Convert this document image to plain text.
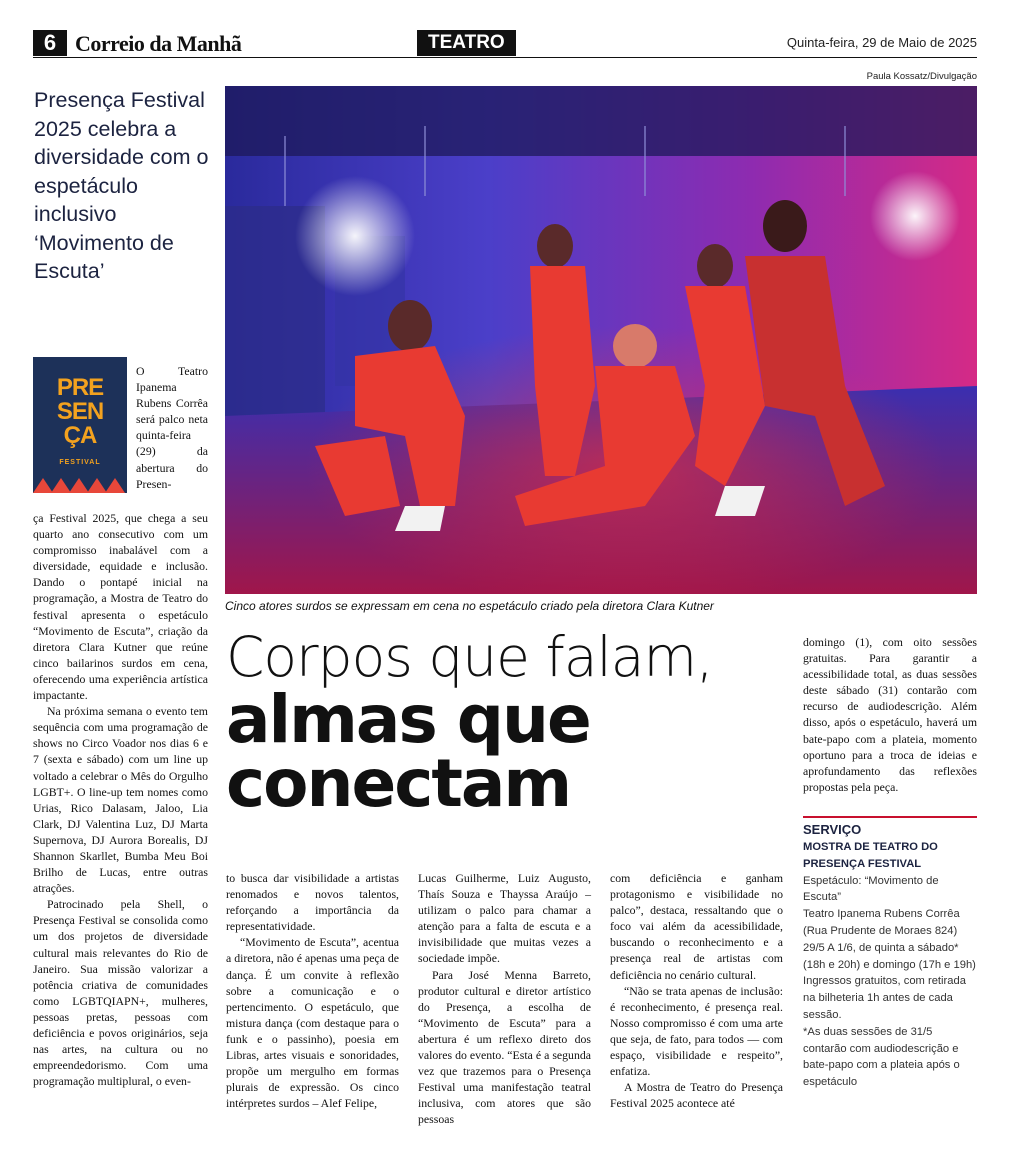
6 Correio da Manhã	TEATRO	Quinta-feira, 29 de Maio de 2025
Presença Festival 2025 celebra a diversidade com o espetáculo inclusivo ‘Movimento de Escuta’
Paula Kossatz/Divulgação
Cinco atores surdos se expressam em cena no espetáculo criado pela diretora Clara Kutner
PRE
SEN
ÇA
FESTIVAL
O Teatro Ipanema Rubens Corrêa será palco neta quinta-feira (29) da abertura do Presen-

ça Festival 2025, que chega a seu quarto ano consecutivo com um compromisso inabalável com a diversidade, equidade e inclusão. Dando o pontapé inicial na programação, a Mostra de Teatro do festival apresenta o espetáculo “Movimento de Escuta”, criação da diretora Clara Kutner que reúne cinco bailarinos surdos em cena, oferecendo uma experiência artística impactante.

Na próxima semana o evento tem sequência com uma programação de shows no Circo Voador nos dias 6 e 7 (sexta e sábado) com um line up voltado a celebrar o Mês do Orgulho LGBT+. O line-up tem nomes como Urias, Rico Dalasam, Jaloo, Lia Clark, DJ Valentina Luz, DJ Marta Supernova, DJ Aurora Borealis, DJ Shannon Skarllet, Bumba Meu Boi Brilho de Lucas, entre outras atrações.

Patrocinado pela Shell, o Presença Festival se consolida como um dos projetos de diversidade cultural mais relevantes do Rio de Janeiro. Sua missão valorizar a potência criativa de comunidades como LGBTQIAPN+, mulheres, pessoas pretas, pessoas com deficiência e povos originários, seja nas artes, na cultura ou no empreendedorismo. Com uma programação multiplural, o even-

Corpos que falam,
almas que conectam

to busca dar visibilidade a artistas renomados e novos talentos, reforçando a importância da representatividade.

“Movimento de Escuta”, acentua a diretora, não é apenas uma peça de dança. É um convite à reflexão sobre a comunicação e o pertencimento. O espetáculo, que mistura dança (com destaque para o funk e o passinho), poesia em Libras, artes visuais e sonoridades, propõe um mergulho em formas plurais de expressão. Os cinco intérpretes surdos – Alef Felipe,

Lucas Guilherme, Luiz Augusto, Thaís Souza e Thayssa Araújo – utilizam o palco para chamar a atenção para a falta de escuta e a invisibilidade que muitas vezes a sociedade impõe.

Para José Menna Barreto, produtor cultural e diretor artístico do Presença, a escolha de “Movimento de Escuta” para a abertura é um reflexo direto dos valores do evento. “Esta é a segunda vez que trazemos para o Presença Festival uma manifestação teatral inclusiva, com atores que são pessoas

com deficiência e ganham protagonismo e visibilidade no palco”, destaca, ressaltando que o foco vai além da acessibilidade, buscando o reconhecimento e a presença real de artistas com deficiência no cenário cultural.

“Não se trata apenas de inclusão: é reconhecimento, é presença real. Nosso compromisso é com uma arte que seja, de fato, para todos — com espaço, visibilidade e respeito”, enfatiza.

A Mostra de Teatro do Presença Festival 2025 acontece até

domingo (1), com oito sessões gratuitas. Para garantir a acessibilidade total, as duas sessões deste sábado (31) contarão com recurso de audiodescrição. Além disso, após o espetáculo, haverá um bate-papo com a plateia, momento oportuno para a troca de ideias e aprofundamento das reflexões propostas pela peça.

SERVIÇO
MOSTRA DE TEATRO DO PRESENÇA FESTIVAL
Espetáculo: “Movimento de Escuta”
Teatro Ipanema Rubens Corrêa (Rua Prudente de Moraes 824)
29/5 A 1/6, de quinta a sábado* (18h e 20h) e domingo (17h e 19h)
Ingressos gratuitos, com retirada na bilheteria 1h antes de cada sessão.
*As duas sessões de 31/5 contarão com audiodescrição e bate-papo com a plateia após o espetáculo
